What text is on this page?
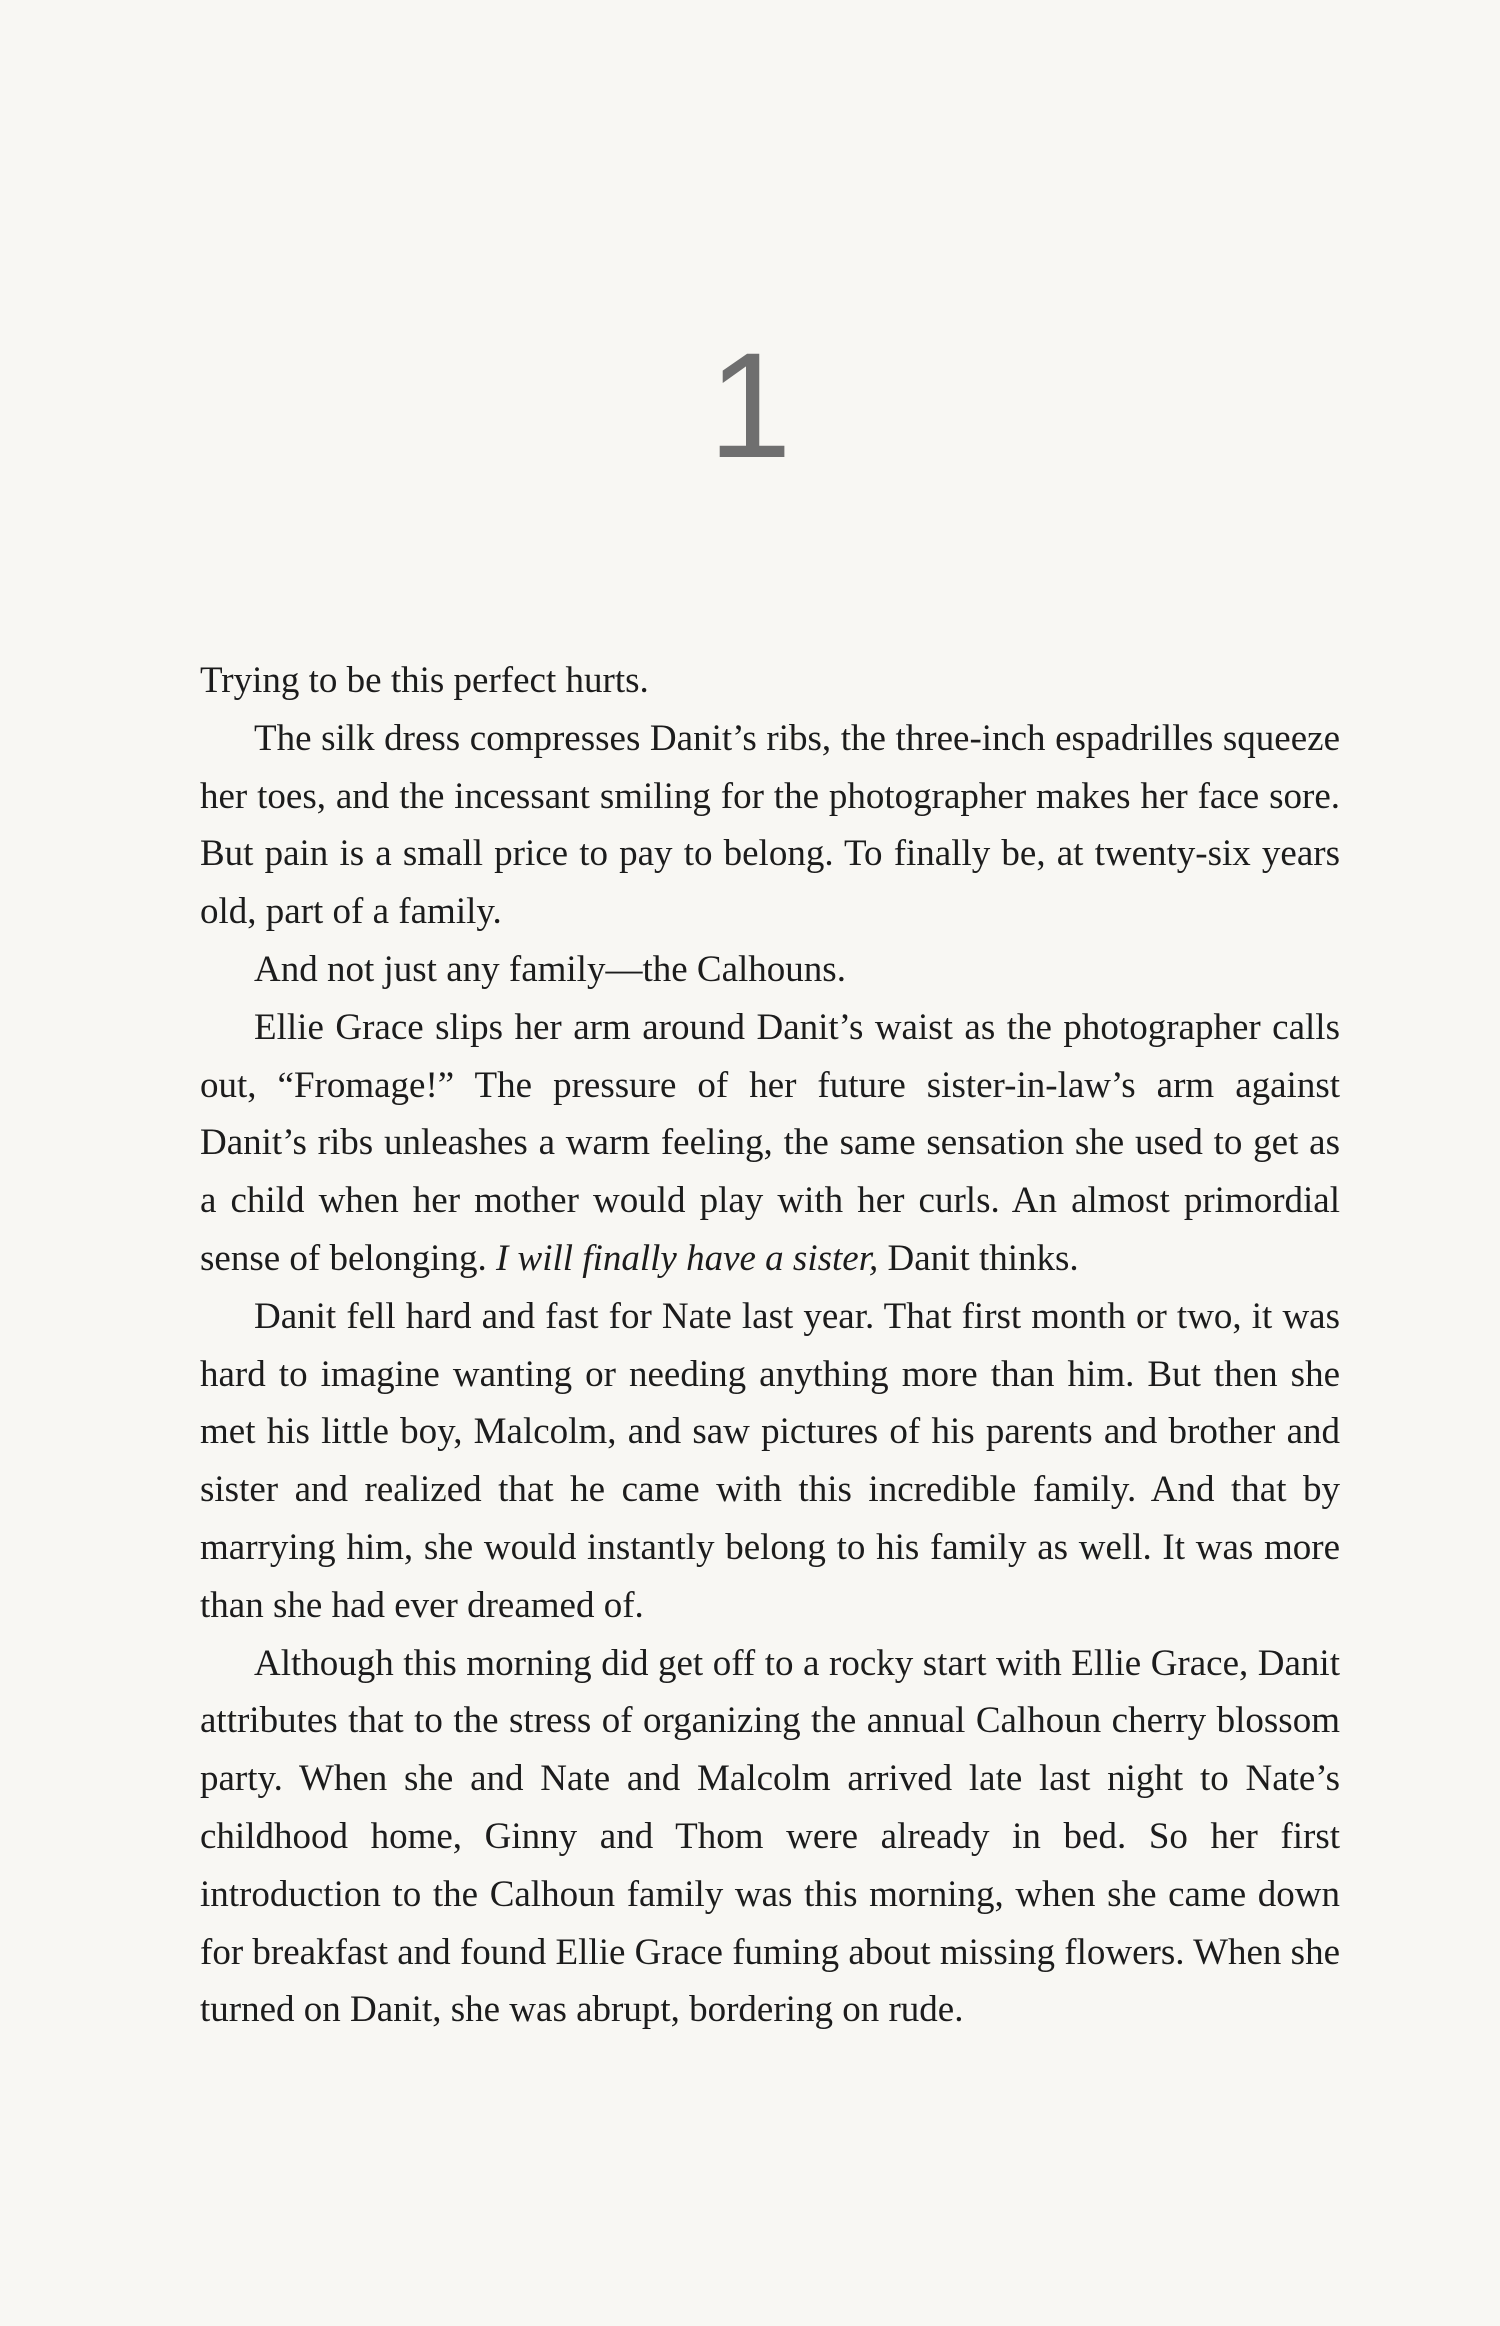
1

Trying to be this perfect hurts.

The silk dress compresses Danit’s ribs, the three-inch espadrilles squeeze her toes, and the incessant smiling for the photographer makes her face sore. But pain is a small price to pay to belong. To finally be, at twenty-six years old, part of a family.

And not just any family—the Calhouns.

Ellie Grace slips her arm around Danit’s waist as the photographer calls out, “Fromage!” The pressure of her future sister-in-law’s arm against Danit’s ribs unleashes a warm feeling, the same sensation she used to get as a child when her mother would play with her curls. An almost primordial sense of belonging. I will finally have a sister, Danit thinks.

Danit fell hard and fast for Nate last year. That first month or two, it was hard to imagine wanting or needing anything more than him. But then she met his little boy, Malcolm, and saw pictures of his parents and brother and sister and realized that he came with this incredible family. And that by marrying him, she would instantly belong to his family as well. It was more than she had ever dreamed of.

Although this morning did get off to a rocky start with Ellie Grace, Danit attributes that to the stress of organizing the annual Calhoun cherry blossom party. When she and Nate and Malcolm arrived late last night to Nate’s childhood home, Ginny and Thom were already in bed. So her first introduction to the Calhoun family was this morning, when she came down for breakfast and found Ellie Grace fuming about missing flowers. When she turned on Danit, she was abrupt, bordering on rude.
